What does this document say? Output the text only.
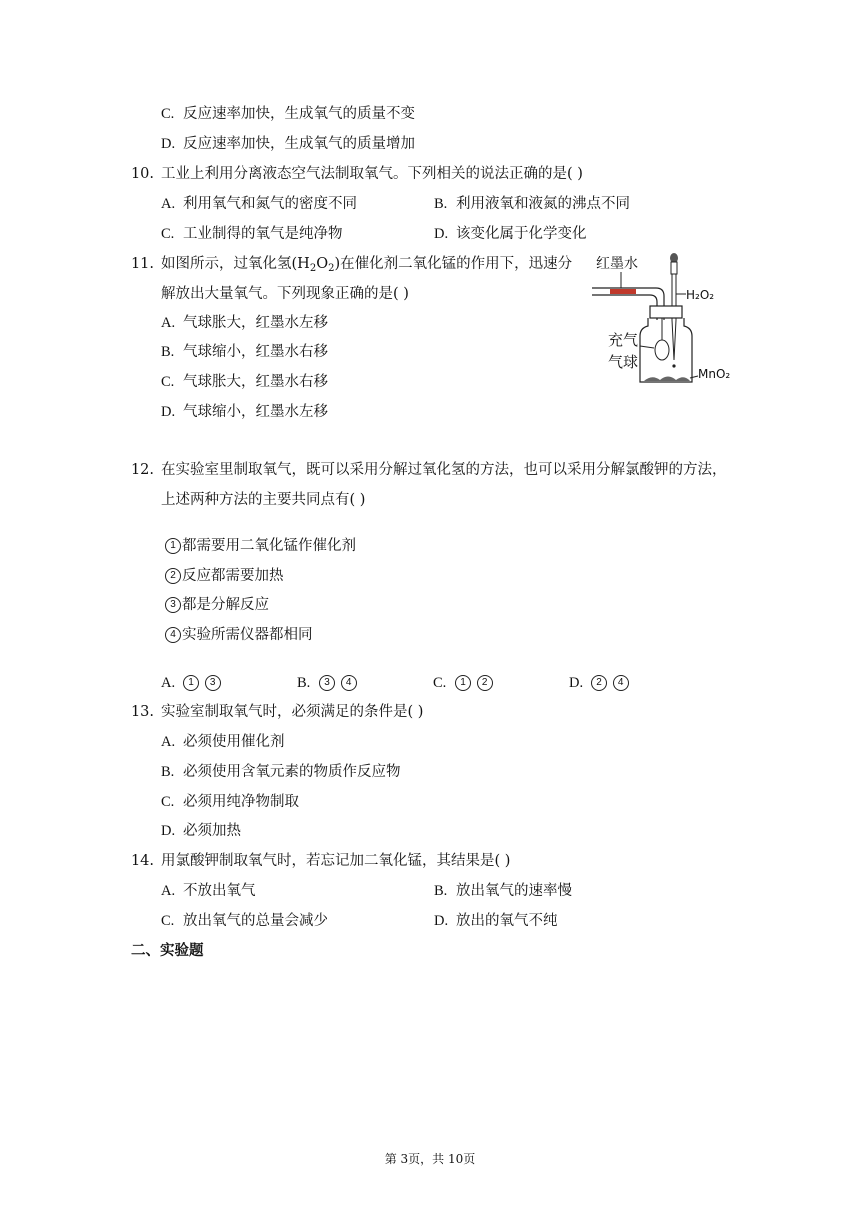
C. 反应速率加快，生成氧气的质量不变
D. 反应速率加快，生成氧气的质量增加
10. 工业上利用分离液态空气法制取氧气。下列相关的说法正确的是( )
A. 利用氧气和氮气的密度不同	B. 利用液氧和液氮的沸点不同
C. 工业制得的氧气是纯净物	D. 该变化属于化学变化
11. 如图所示，过氧化氢$(H_2O_2)$在催化剂二氧化锰的作用下，迅速分
解放出大量氧气。下列现象正确的是( )
A. 气球胀大，红墨水左移
B. 气球缩小，红墨水右移
C. 气球胀大，红墨水右移
D. 气球缩小，红墨水左移
红墨水
H₂O₂
MnO₂
充气
气球
12. 在实验室里制取氧气，既可以采用分解过氧化氢的方法，也可以采用分解氯酸钾的方法，
上述两种方法的主要共同点有( )
1 都需要用二氧化锰作催化剂
2 反应都需要加热
3 都是分解反应
4 实验所需仪器都相同
A. 1 3	B. 3 4	C. 1 2	D. 2 4
13. 实验室制取氧气时，必须满足的条件是( )
A. 必须使用催化剂
B. 必须使用含氧元素的物质作反应物
C. 必须用纯净物制取
D. 必须加热
14. 用氯酸钾制取氧气时，若忘记加二氧化锰，其结果是( )
A. 不放出氧气	B. 放出氧气的速率慢
C. 放出氧气的总量会减少	D. 放出的氧气不纯
二、实验题
第 3页，共 10页
